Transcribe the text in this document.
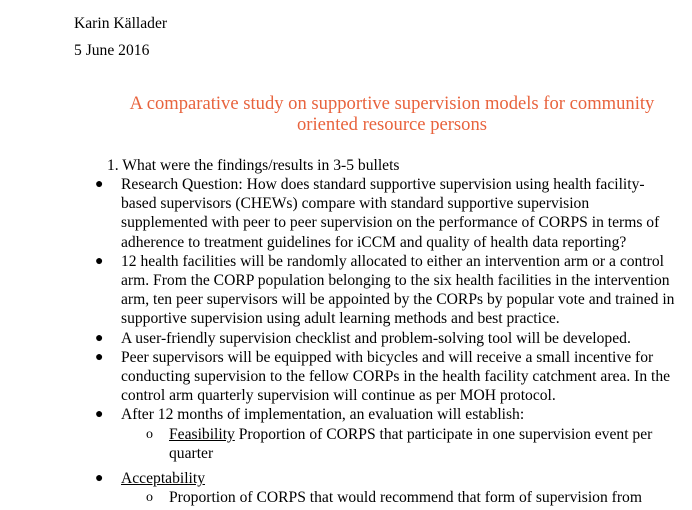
Karin Källader
5 June 2016
A comparative study on supportive supervision models for community
oriented resource persons
1. What were the findings/results in 3-5 bullets
● Research Question: How does standard supportive supervision using health facility-based supervisors (CHEWs) compare with standard supportive supervision supplemented with peer to peer supervision on the performance of CORPS in terms of adherence to treatment guidelines for iCCM and quality of health data reporting?
● 12 health facilities will be randomly allocated to either an intervention arm or a control arm. From the CORP population belonging to the six health facilities in the intervention arm, ten peer supervisors will be appointed by the CORPs by popular vote and trained in supportive supervision using adult learning methods and best practice.
● A user-friendly supervision checklist and problem-solving tool will be developed.
● Peer supervisors will be equipped with bicycles and will receive a small incentive for conducting supervision to the fellow CORPs in the health facility catchment area. In the control arm quarterly supervision will continue as per MOH protocol.
● After 12 months of implementation, an evaluation will establish:
o Feasibility Proportion of CORPS that participate in one supervision event per quarter
● Acceptability
o Proportion of CORPS that would recommend that form of supervision from
